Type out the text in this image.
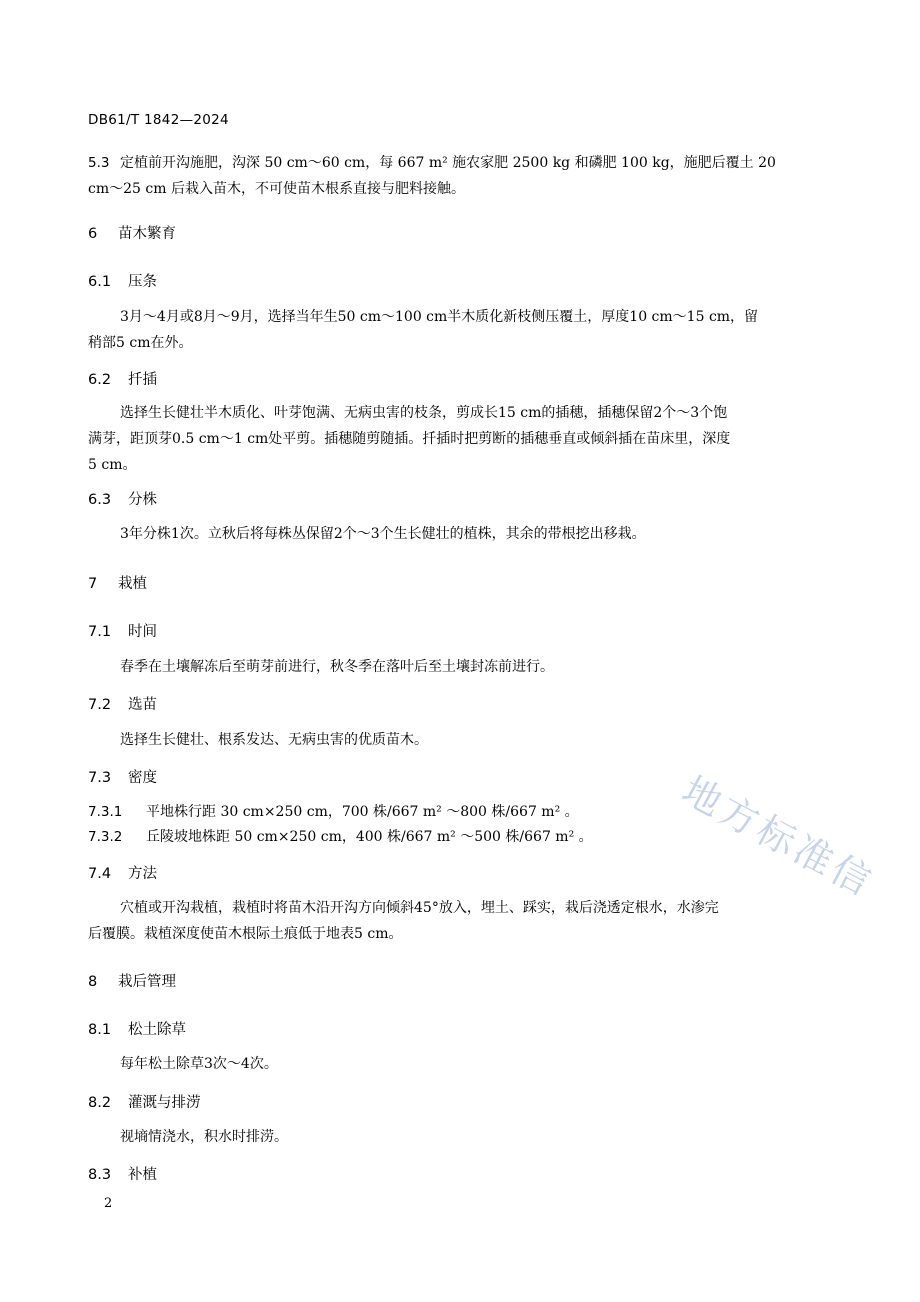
DB61/T 1842—2024
5.3 定植前开沟施肥，沟深 50 cm～60 cm，每 667 m² 施农家肥 2500 kg 和磷肥 100 kg，施肥后覆土 20
cm～25 cm 后栽入苗木，不可使苗木根系直接与肥料接触。
6 苗木繁育
6.1 压条
3月～4月或8月～9月，选择当年生50 cm～100 cm半木质化新枝侧压覆土，厚度10 cm～15 cm，留
稍部5 cm在外。
6.2 扦插
选择生长健壮半木质化、叶芽饱满、无病虫害的枝条，剪成长15 cm的插穗，插穗保留2个～3个饱
满芽，距顶芽0.5 cm～1 cm处平剪。插穗随剪随插。扦插时把剪断的插穗垂直或倾斜插在苗床里，深度
5 cm。
6.3 分株
3年分株1次。立秋后将每株丛保留2个～3个生长健壮的植株，其余的带根挖出移栽。
7 栽植
7.1 时间
春季在土壤解冻后至萌芽前进行，秋冬季在落叶后至土壤封冻前进行。
7.2 选苗
选择生长健壮、根系发达、无病虫害的优质苗木。
7.3 密度
7.3.1 平地株行距 30 cm×250 cm，700 株/667 m² ～800 株/667 m² 。
7.3.2 丘陵坡地株距 50 cm×250 cm，400 株/667 m² ～500 株/667 m² 。
7.4 方法
穴植或开沟栽植，栽植时将苗木沿开沟方向倾斜45°放入，埋土、踩实，栽后浇透定根水，水渗完
后覆膜。栽植深度使苗木根际土痕低于地表5 cm。
8 栽后管理
8.1 松土除草
每年松土除草3次～4次。
8.2 灌溉与排涝
视墒情浇水，积水时排涝。
8.3 补植
2
地方标准信
